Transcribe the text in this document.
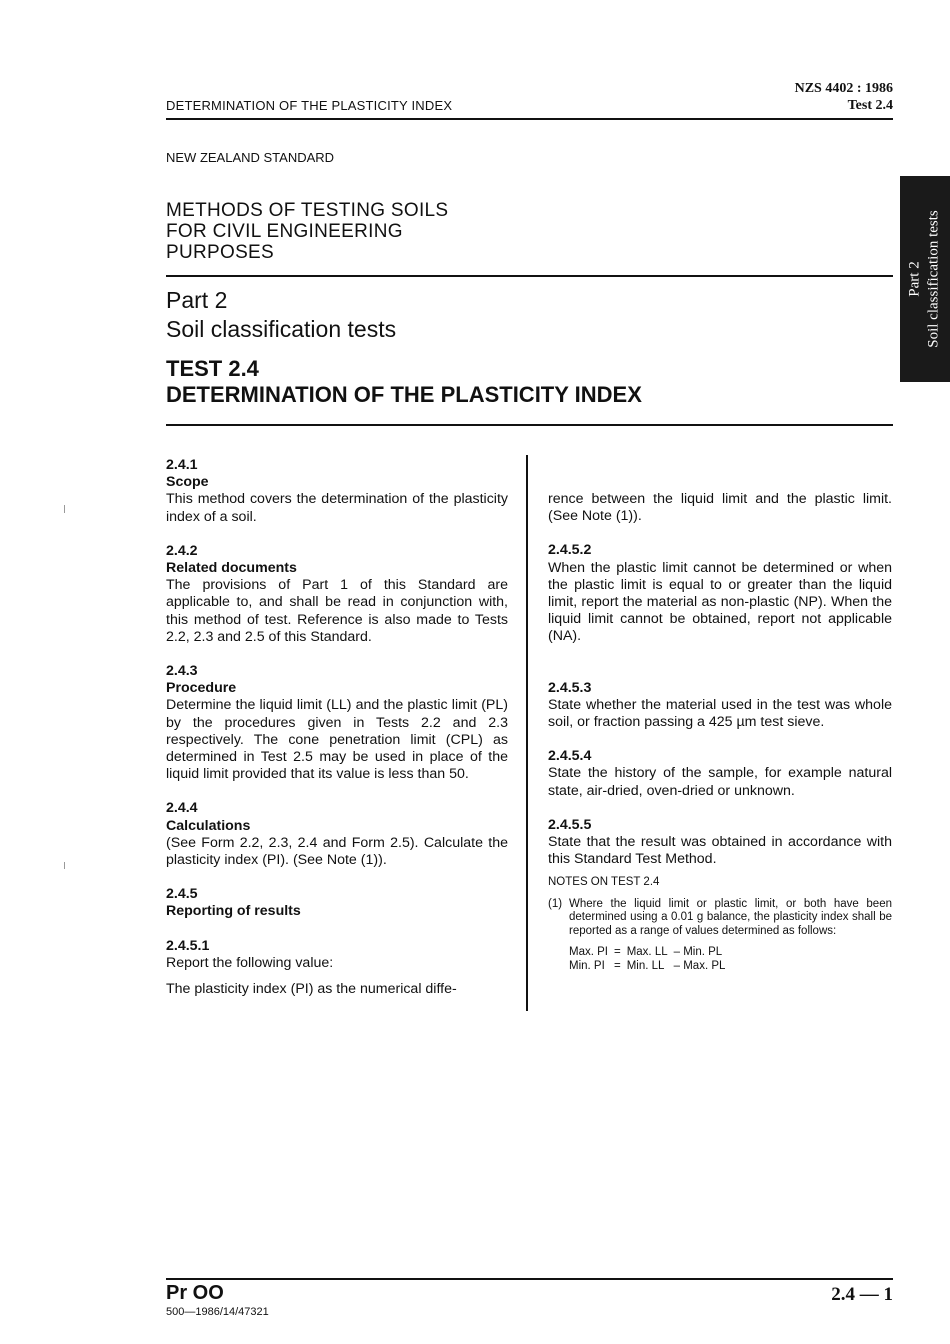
DETERMINATION OF THE PLASTICITY INDEX
NZS 4402 : 1986
Test 2.4
NEW ZEALAND STANDARD
METHODS OF TESTING SOILS
FOR CIVIL ENGINEERING
PURPOSES
Part 2
Soil classification tests
TEST 2.4
DETERMINATION OF THE PLASTICITY INDEX
Part 2 Soil classification tests

2.4.1

Scope

This method covers the determination of the plasticity index of a soil.

2.4.2

Related documents

The provisions of Part 1 of this Standard are applicable to, and shall be read in conjunction with, this method of test. Reference is also made to Tests 2.2, 2.3 and 2.5 of this Standard.

2.4.3

Procedure

Determine the liquid limit (LL) and the plastic limit (PL) by the procedures given in Tests 2.2 and 2.3 respectively. The cone penetration limit (CPL) as determined in Test 2.5 may be used in place of the liquid limit provided that its value is less than 50.

2.4.4

Calculations

(See Form 2.2, 2.3, 2.4 and Form 2.5). Calculate the plasticity index (PI). (See Note (1)).

2.4.5

Reporting of results

2.4.5.1

Report the following value:

The plasticity index (PI) as the numerical diffe-

rence between the liquid limit and the plastic limit. (See Note (1)).

2.4.5.2

When the plastic limit cannot be determined or when the plastic limit is equal to or greater than the liquid limit, report the material as non-plastic (NP). When the liquid limit cannot be obtained, report not applicable (NA).

2.4.5.3

State whether the material used in the test was whole soil, or fraction passing a 425 µm test sieve.

2.4.5.4

State the history of the sample, for example natural state, air-dried, oven-dried or unknown.

2.4.5.5

State that the result was obtained in accordance with this Standard Test Method.

NOTES ON TEST 2.4
(1) Where the liquid limit or plastic limit, or both have been determined using a 0.01 g balance, the plasticity index shall be reported as a range of values determined as follows:
Max. PI	=	Max. LL	– Min. PL
Min. PI	=	Min. LL	– Max. PL
Pr OO
500—1986/14/47321
2.4 — 1
